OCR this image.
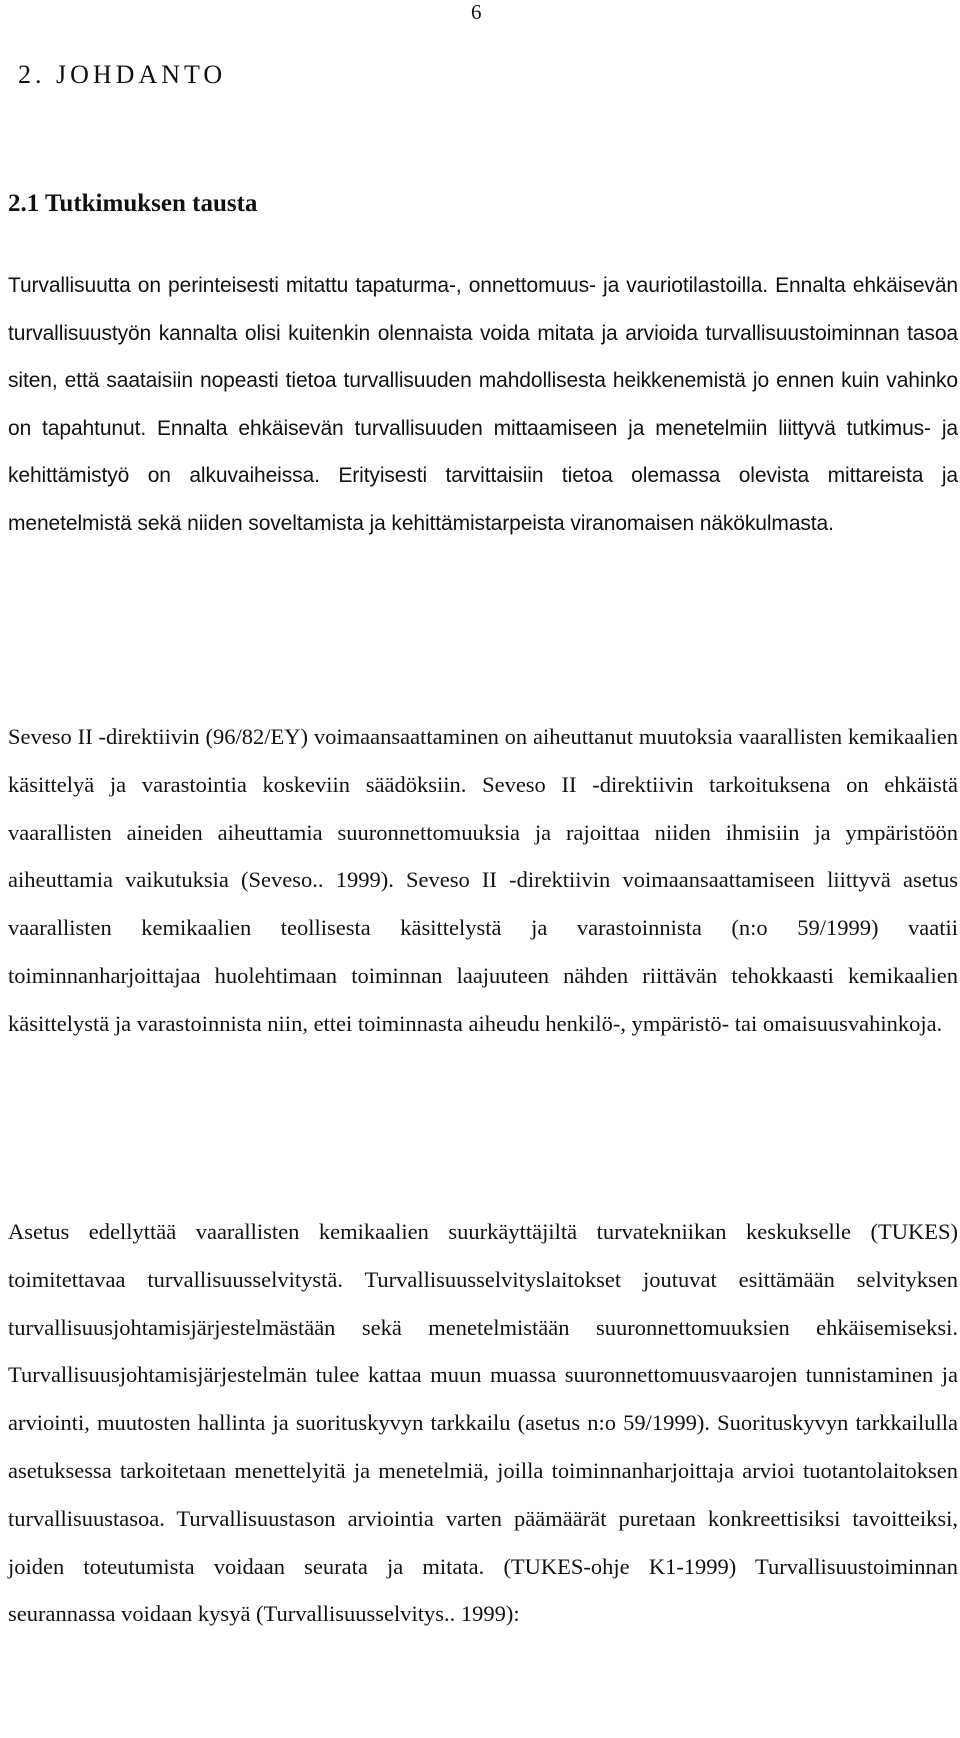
6
2. JOHDANTO
2.1 Tutkimuksen tausta

Turvallisuutta on perinteisesti mitattu tapaturma-, onnettomuus- ja vauriotilastoilla. Ennalta ehkäisevän turvallisuustyön kannalta olisi kuitenkin olennaista voida mitata ja arvioida turvallisuustoiminnan tasoa siten, että saataisiin nopeasti tietoa turvallisuuden mahdollisesta heikkenemistä jo ennen kuin vahinko on tapahtunut. Ennalta ehkäisevän turvallisuuden mittaamiseen ja menetelmiin liittyvä tutkimus- ja kehittämistyö on alkuvaiheissa. Erityisesti tarvittaisiin tietoa olemassa olevista mittareista ja menetelmistä sekä niiden soveltamista ja kehittämistarpeista viranomaisen näkökulmasta.

Seveso II -direktiivin (96/82/EY) voimaansaattaminen on aiheuttanut muutoksia vaarallisten kemikaalien käsittelyä ja varastointia koskeviin säädöksiin. Seveso II -direktiivin tarkoituksena on ehkäistä vaarallisten aineiden aiheuttamia suuronnettomuuksia ja rajoittaa niiden ihmisiin ja ympäristöön aiheuttamia vaikutuksia (Seveso.. 1999). Seveso II -direktiivin voimaansaattamiseen liittyvä asetus vaarallisten kemikaalien teollisesta käsittelystä ja varastoinnista (n:o 59/1999) vaatii toiminnanharjoittajaa huolehtimaan toiminnan laajuuteen nähden riittävän tehokkaasti kemikaalien käsittelystä ja varastoinnista niin, ettei toiminnasta aiheudu henkilö-, ympäristö- tai omaisuusvahinkoja.

Asetus edellyttää vaarallisten kemikaalien suurkäyttäjiltä turvatekniikan keskukselle (TUKES) toimitettavaa turvallisuusselvitystä. Turvallisuusselvityslaitokset joutuvat esittämään selvityksen turvallisuusjohtamisjärjestelmästään sekä menetelmistään suuronnettomuuksien ehkäisemiseksi. Turvallisuusjohtamisjärjestelmän tulee kattaa muun muassa suuronnettomuusvaarojen tunnistaminen ja arviointi, muutosten hallinta ja suorituskyvyn tarkkailu (asetus n:o 59/1999). Suorituskyvyn tarkkailulla asetuksessa tarkoitetaan menettelyitä ja menetelmiä, joilla toiminnanharjoittaja arvioi tuotantolaitoksen turvallisuustasoa. Turvallisuustason arviointia varten päämäärät puretaan konkreettisiksi tavoitteiksi, joiden toteutumista voidaan seurata ja mitata. (TUKES-ohje K1-1999) Turvallisuustoiminnan seurannassa voidaan kysyä (Turvallisuusselvitys.. 1999):
